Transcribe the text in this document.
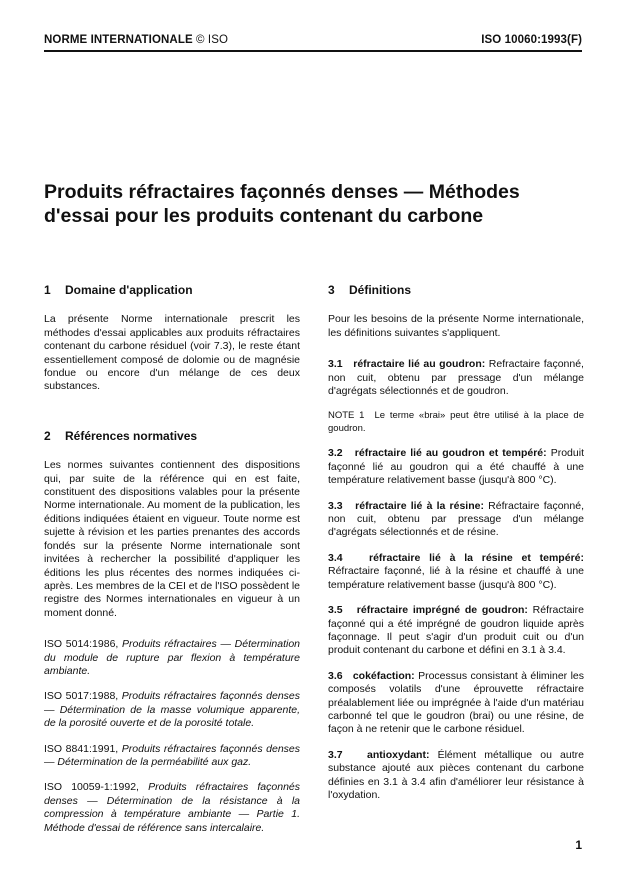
NORME INTERNATIONALE © ISO	ISO 10060:1993(F)
Produits réfractaires façonnés denses — Méthodes
d'essai pour les produits contenant du carbone
1 Domaine d'application

La présente Norme internationale prescrit les méthodes d'essai applicables aux produits réfractaires contenant du carbone résiduel (voir 7.3), le reste étant essentiellement composé de dolomie ou de magnésie fondue ou encore d'un mélange de ces deux substances.

2 Références normatives

Les normes suivantes contiennent des dispositions qui, par suite de la référence qui en est faite, constituent des dispositions valables pour la présente Norme internationale. Au moment de la publication, les éditions indiquées étaient en vigueur. Toute norme est sujette à révision et les parties prenantes des accords fondés sur la présente Norme internationale sont invitées à rechercher la possibilité d'appliquer les éditions les plus récentes des normes indiquées ci-après. Les membres de la CEI et de l'ISO possèdent le registre des Normes internationales en vigueur à un moment donné.

ISO 5014:1986, Produits réfractaires — Détermination du module de rupture par flexion à température ambiante.

ISO 5017:1988, Produits réfractaires façonnés denses — Détermination de la masse volumique apparente, de la porosité ouverte et de la porosité totale.

ISO 8841:1991, Produits réfractaires façonnés denses — Détermination de la perméabilité aux gaz.

ISO 10059-1:1992, Produits réfractaires façonnés denses — Détermination de la résistance à la compression à température ambiante — Partie 1. Méthode d'essai de référence sans intercalaire.

3 Définitions

Pour les besoins de la présente Norme internationale, les définitions suivantes s'appliquent.

3.1 réfractaire lié au goudron: Refractaire façonné, non cuit, obtenu par pressage d'un mélange d'agrégats sélectionnés et de goudron.

NOTE 1 Le terme «brai» peut être utilisé à la place de goudron.

3.2 réfractaire lié au goudron et tempéré: Produit façonné lié au goudron qui a été chauffé à une température relativement basse (jusqu'à 800 °C).

3.3 réfractaire lié à la résine: Réfractaire façonné, non cuit, obtenu par pressage d'un mélange d'agrégats sélectionnés et de résine.

3.4	réfractaire lié à la résine et tempéré: Réfractaire façonné, lié à la résine et chauffé à une température relativement basse (jusqu'à 800 °C).

3.5 réfractaire imprégné de goudron: Réfractaire façonné qui a été imprégné de goudron liquide après façonnage. Il peut s'agir d'un produit cuit ou d'un produit contenant du carbone et défini en 3.1 à 3.4.

3.6 cokéfaction: Processus consistant à éliminer les composés volatils d'une éprouvette réfractaire préalablement liée ou imprégnée à l'aide d'un matériau carbonné tel que le goudron (brai) ou une résine, de façon à ne retenir que le carbone résiduel.

3.7 antioxydant: Élément métallique ou autre substance ajouté aux pièces contenant du carbone définies en 3.1 à 3.4 afin d'améliorer leur résistance à l'oxydation.

1
